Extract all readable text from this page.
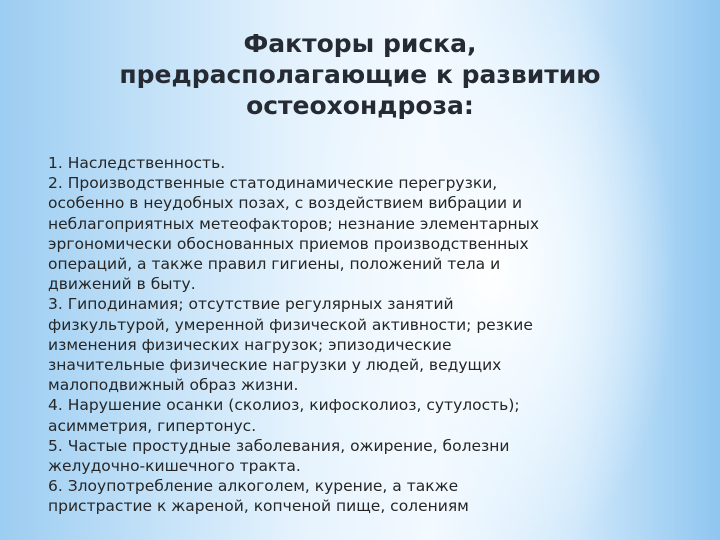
Факторы риска,
предрасполагающие к развитию
остеохондроза:
1. Наследственность.
2. Производственные статодинамические перегрузки,
особенно в неудобных позах, с воздействием вибрации и
неблагоприятных метеофакторов; незнание элементарных
эргономически обоснованных приемов производственных
операций, а также правил гигиены, положений тела и
движений в быту.
3. Гиподинамия; отсутствие регулярных занятий
физкультурой, умеренной физической активности; резкие
изменения физических нагрузок; эпизодические
значительные физические нагрузки у людей, ведущих
малоподвижный образ жизни.
4. Нарушение осанки (сколиоз, кифосколиоз, сутулость);
асимметрия, гипертонус.
5. Частые простудные заболевания, ожирение, болезни
желудочно-кишечного тракта.
6. Злоупотребление алкоголем, курение, а также
пристрастие к жареной, копченой пище, солениям
